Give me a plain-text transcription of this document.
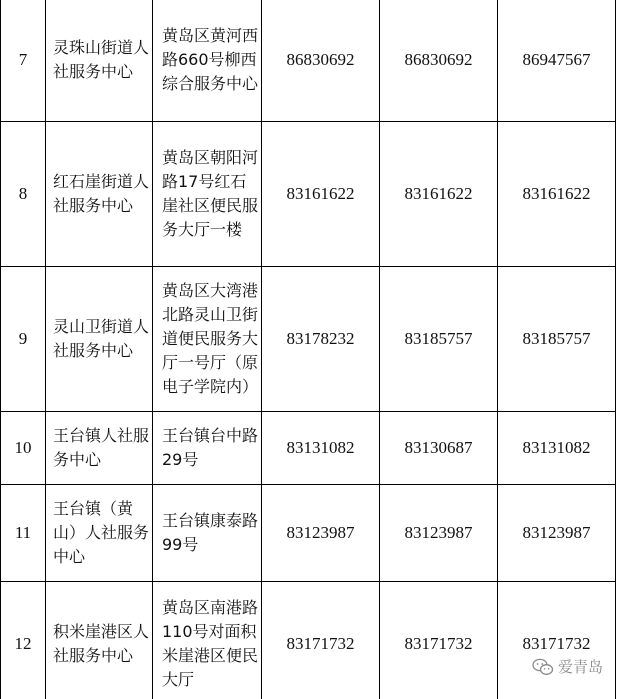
7	灵珠山街道人社服务中心	黄岛区黄河西路660号柳西综合服务中心	86830692	86830692	86947567
8	红石崖街道人社服务中心	黄岛区朝阳河路17号红石崖社区便民服务大厅一楼	83161622	83161622	83161622
9	灵山卫街道人社服务中心	黄岛区大湾港北路灵山卫街道便民服务大厅一号厅（原电子学院内）	83178232	83185757	83185757
10	王台镇人社服务中心	王台镇台中路29号	83131082	83130687	83131082
11	王台镇（黄山）人社服务中心	王台镇康泰路99号	83123987	83123987	83123987
12	积米崖港区人社服务中心	黄岛区南港路110号对面积米崖港区便民大厅	83171732	83171732	83171732
爱青岛
